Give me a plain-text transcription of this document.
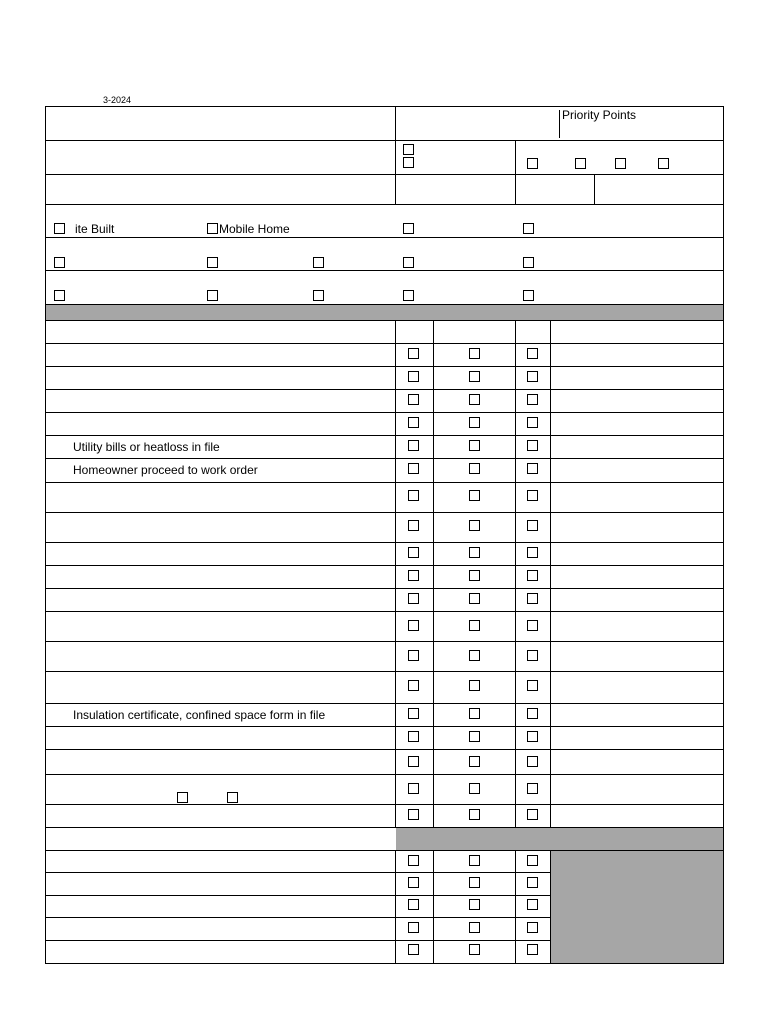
3-2024
Priority Points
ite Built	Mobile Home
Utility bills or heatloss in file
Homeowner proceed to work order
Insulation certificate, confined space form in file
